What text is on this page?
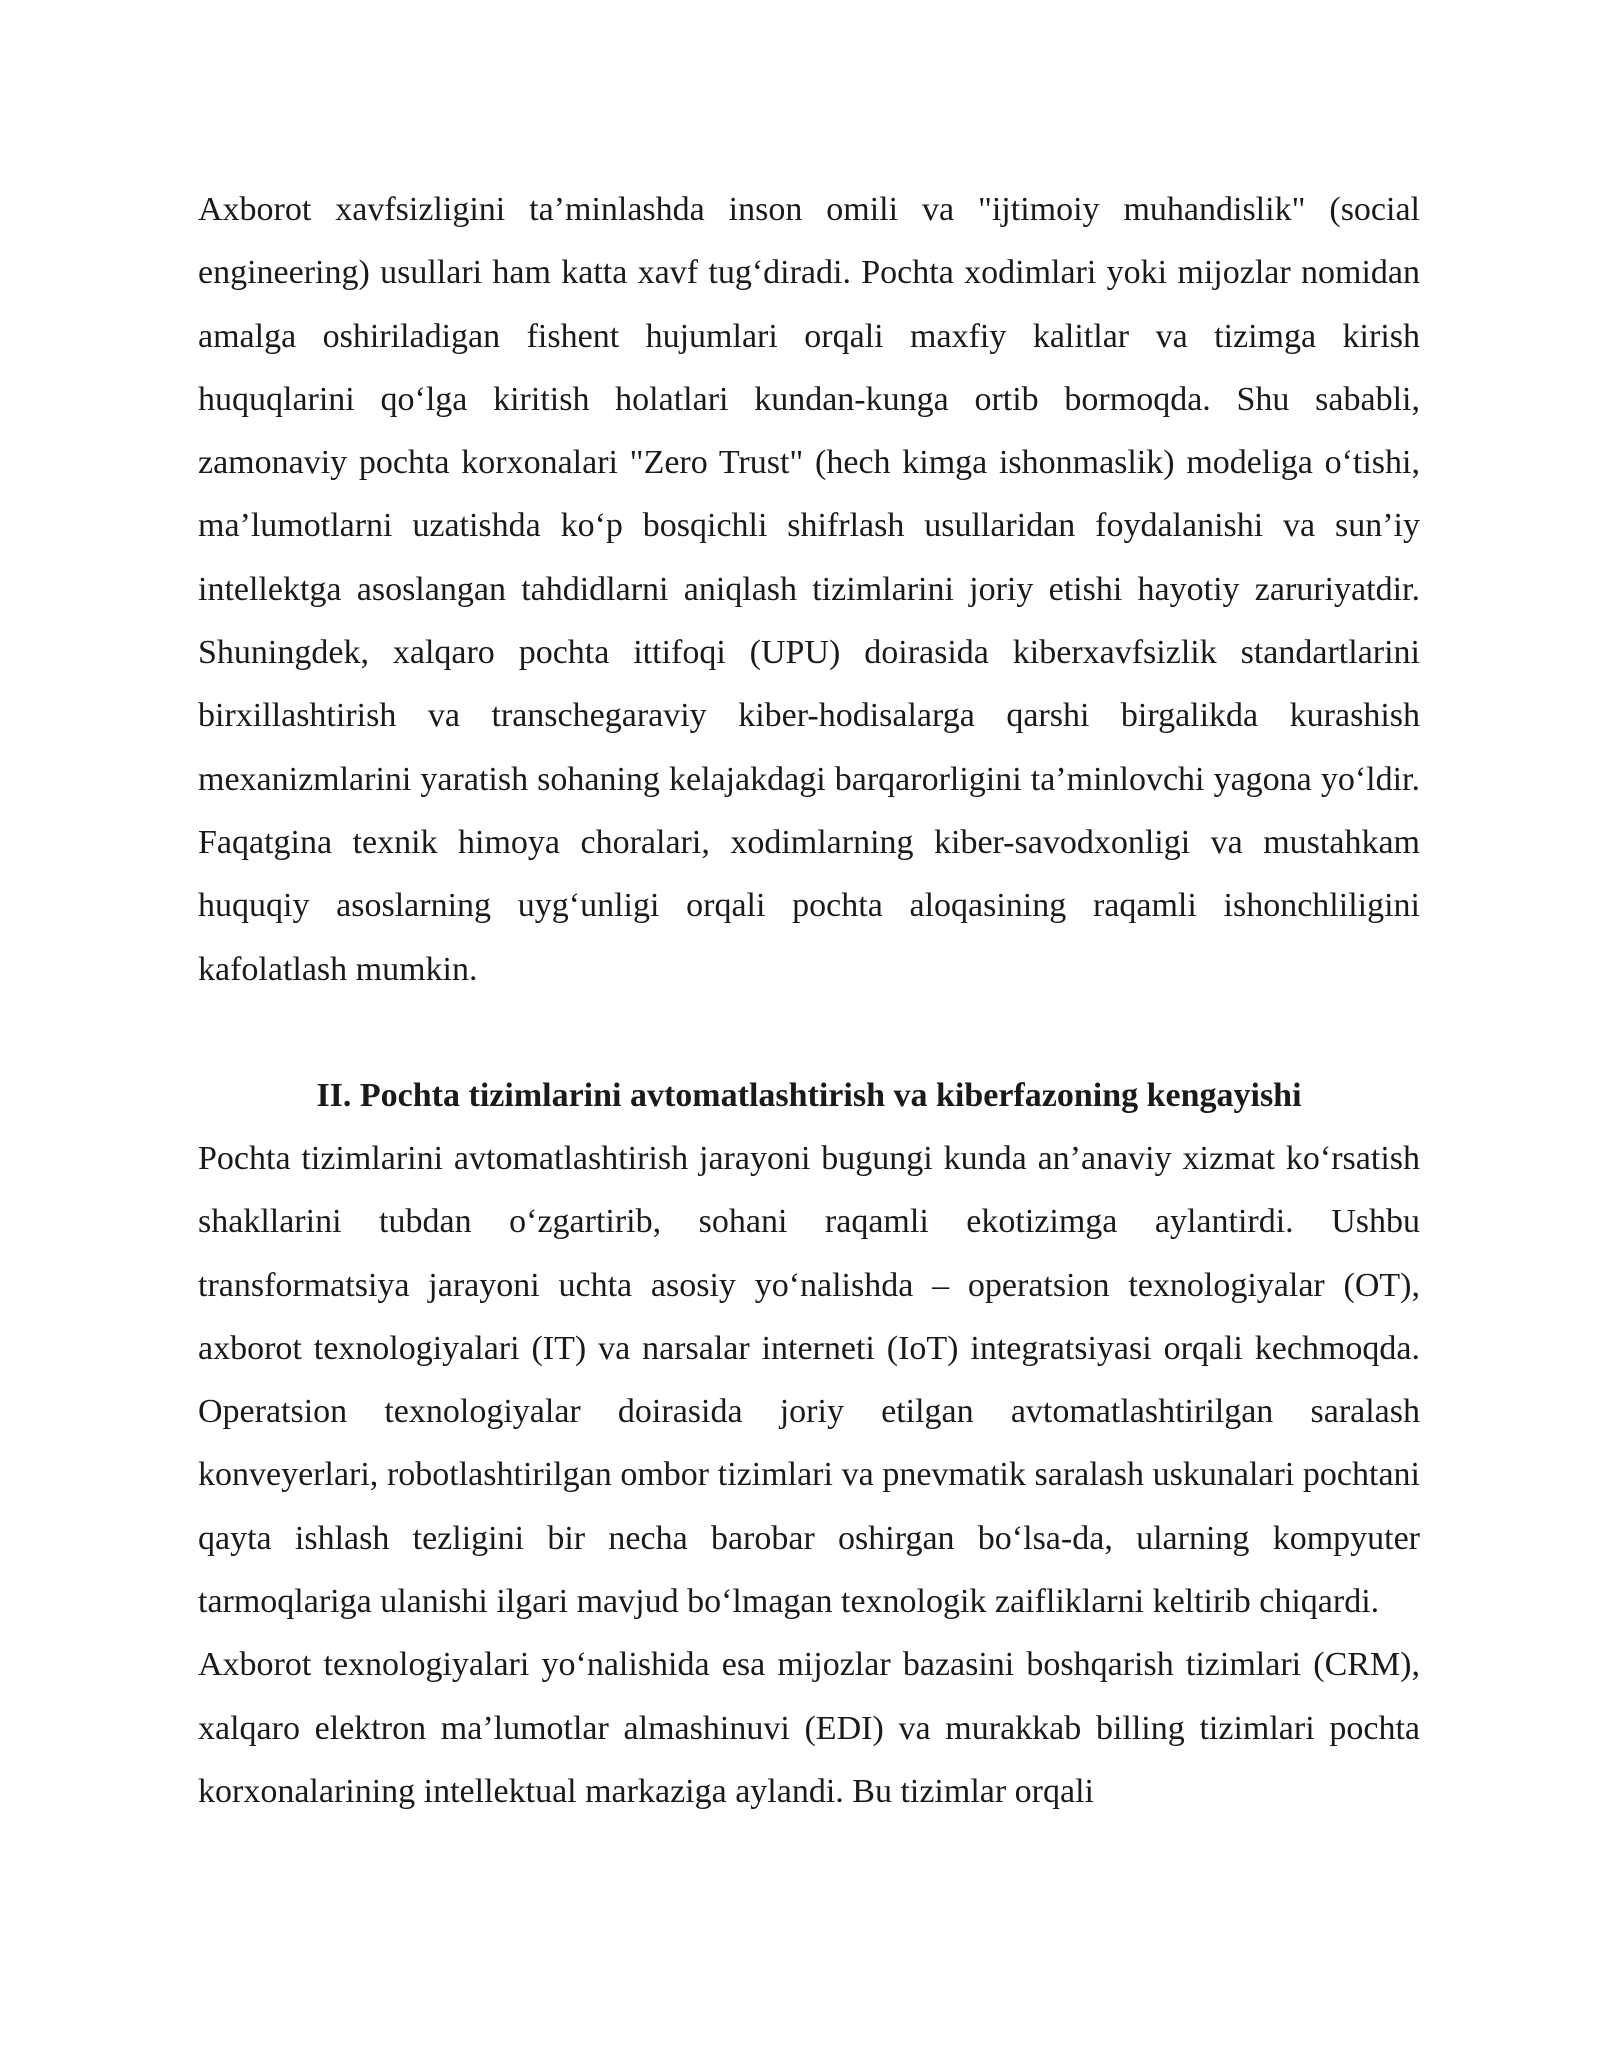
Axborot xavfsizligini ta’minlashda inson omili va "ijtimoiy muhandislik" (social engineering) usullari ham katta xavf tug‘diradi. Pochta xodimlari yoki mijozlar nomidan amalga oshiriladigan fishent hujumlari orqali maxfiy kalitlar va tizimga kirish huquqlarini qo‘lga kiritish holatlari kundan-kunga ortib bormoqda. Shu sababli, zamonaviy pochta korxonalari "Zero Trust" (hech kimga ishonmaslik) modeliga o‘tishi, ma’lumotlarni uzatishda ko‘p bosqichli shifrlash usullaridan foydalanishi va sun’iy intellektga asoslangan tahdidlarni aniqlash tizimlarini joriy etishi hayotiy zaruriyatdir. Shuningdek, xalqaro pochta ittifoqi (UPU) doirasida kiberxavfsizlik standartlarini birxillashtirish va transchegaraviy kiber-hodisalarga qarshi birgalikda kurashish mexanizmlarini yaratish sohaning kelajakdagi barqarorligini ta’minlovchi yagona yo‘ldir. Faqatgina texnik himoya choralari, xodimlarning kiber-savodxonligi va mustahkam huquqiy asoslarning uyg‘unligi orqali pochta aloqasining raqamli ishonchliligini kafolatlash mumkin.

II. Pochta tizimlarini avtomatlashtirish va kiberfazoning kengayishi

Pochta tizimlarini avtomatlashtirish jarayoni bugungi kunda an’anaviy xizmat ko‘rsatish shakllarini tubdan o‘zgartirib, sohani raqamli ekotizimga aylantirdi. Ushbu transformatsiya jarayoni uchta asosiy yo‘nalishda – operatsion texnologiyalar (OT), axborot texnologiyalari (IT) va narsalar interneti (IoT) integratsiyasi orqali kechmoqda. Operatsion texnologiyalar doirasida joriy etilgan avtomatlashtirilgan saralash konveyerlari, robotlashtirilgan ombor tizimlari va pnevmatik saralash uskunalari pochtani qayta ishlash tezligini bir necha barobar oshirgan bo‘lsa-da, ularning kompyuter tarmoqlariga ulanishi ilgari mavjud bo‘lmagan texnologik zaifliklarni keltirib chiqardi.

Axborot texnologiyalari yo‘nalishida esa mijozlar bazasini boshqarish tizimlari (CRM), xalqaro elektron ma’lumotlar almashinuvi (EDI) va murakkab billing tizimlari pochta korxonalarining intellektual markaziga aylandi. Bu tizimlar orqali
